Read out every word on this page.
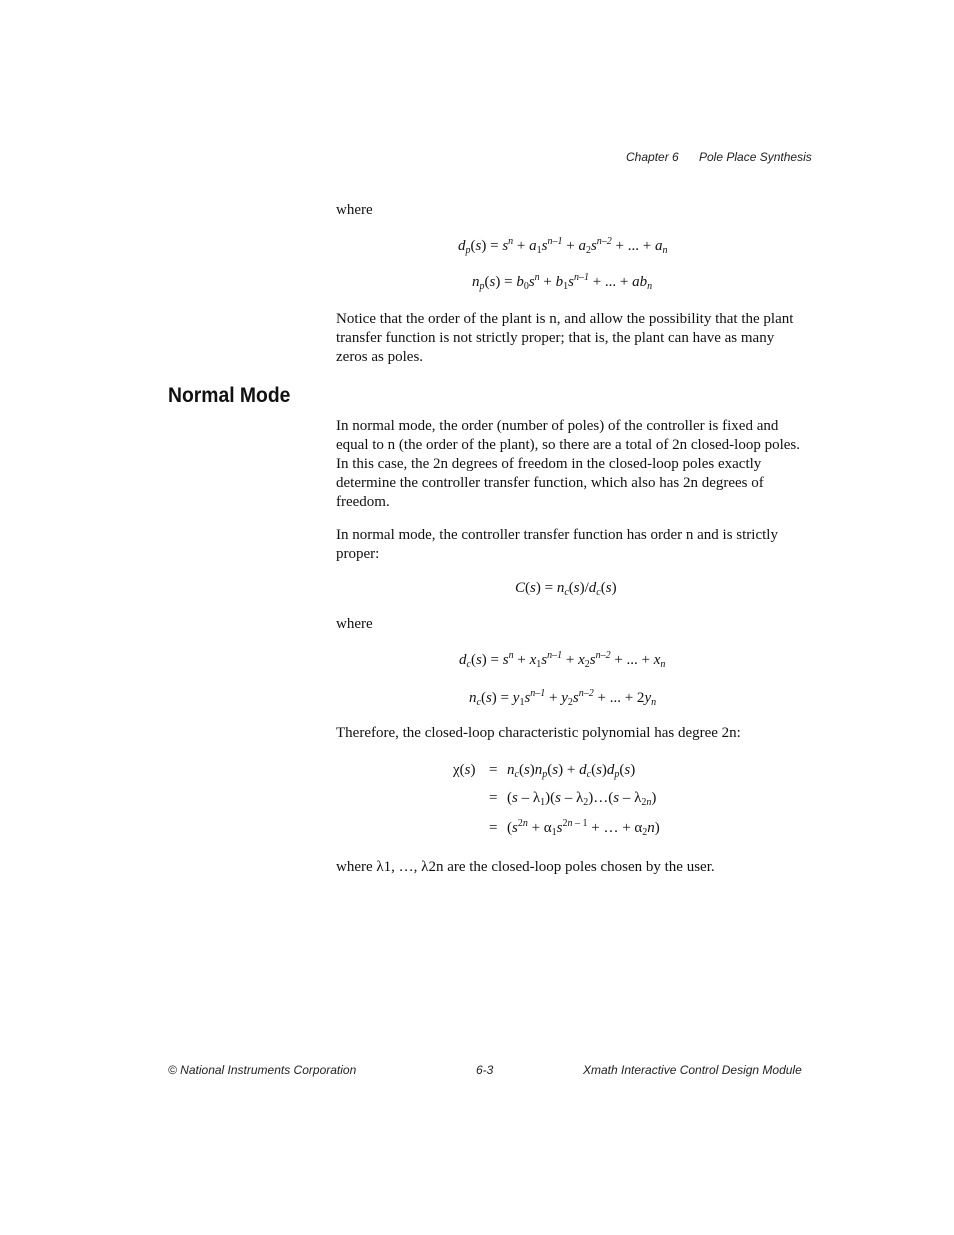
Chapter 6 Pole Place Synthesis

where

$d_p(s) = s^n + a_1s^{n-1} + a_2s^{n-2}$ + ... + $a_n$
$n_p(s) = b_0s^n + b_1s^{n-1}$ + ... + $ab_n$

Notice that the order of the plant is n, and allow the possibility that the plant transfer function is not strictly proper; that is, the plant can have as many zeros as poles.

Normal Mode

In normal mode, the order (number of poles) of the controller is fixed and equal to n (the order of the plant), so there are a total of 2n closed-loop poles. In this case, the 2n degrees of freedom in the closed-loop poles exactly determine the controller transfer function, which also has 2n degrees of freedom.

In normal mode, the controller transfer function has order n and is strictly proper:

$C(s) = n_c(s)/d_c(s)$

where

$d_c(s) = s^n + x_1s^{n-1} + x_2s^{n-2}$ + ... + $x_n$
$n_c(s) = y_1s^{n-1} + y_2s^{n-2}$ + ... + $2y_n$

Therefore, the closed-loop characteristic polynomial has degree 2n:

$\chi(s) = n_c(s)n_p(s) + d_c(s)d_p(s)$
= $(s - \lambda_1)(s$ – $\lambda_2)\dots(s - \lambda_{2n})$
= ($s^{2n} + \alpha_1s^{2n - 1}$ + … + $\alpha_2n$)

where λ1, …, λ2n are the closed-loop poles chosen by the user.

© National Instruments Corporation	6-3	Xmath Interactive Control Design Module
